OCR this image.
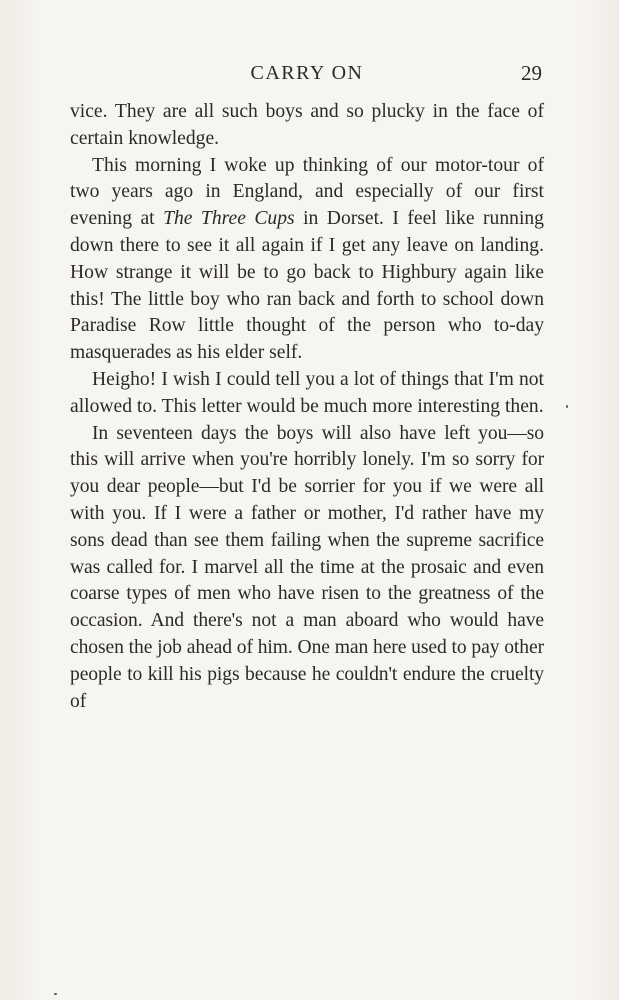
CARRY ON	29

vice. They are all such boys and so plucky in the face of certain knowledge.

This morning I woke up thinking of our motor-tour of two years ago in England, and especially of our first evening at The Three Cups in Dorset. I feel like running down there to see it all again if I get any leave on landing. How strange it will be to go back to Highbury again like this! The little boy who ran back and forth to school down Paradise Row little thought of the person who to-day masquerades as his elder self.

Heigho! I wish I could tell you a lot of things that I'm not allowed to. This letter would be much more interesting then.

In seventeen days the boys will also have left you—so this will arrive when you're horribly lonely. I'm so sorry for you dear people—but I'd be sorrier for you if we were all with you. If I were a father or mother, I'd rather have my sons dead than see them failing when the supreme sacrifice was called for. I marvel all the time at the prosaic and even coarse types of men who have risen to the greatness of the occasion. And there's not a man aboard who would have chosen the job ahead of him. One man here used to pay other people to kill his pigs because he couldn't endure the cruelty of
